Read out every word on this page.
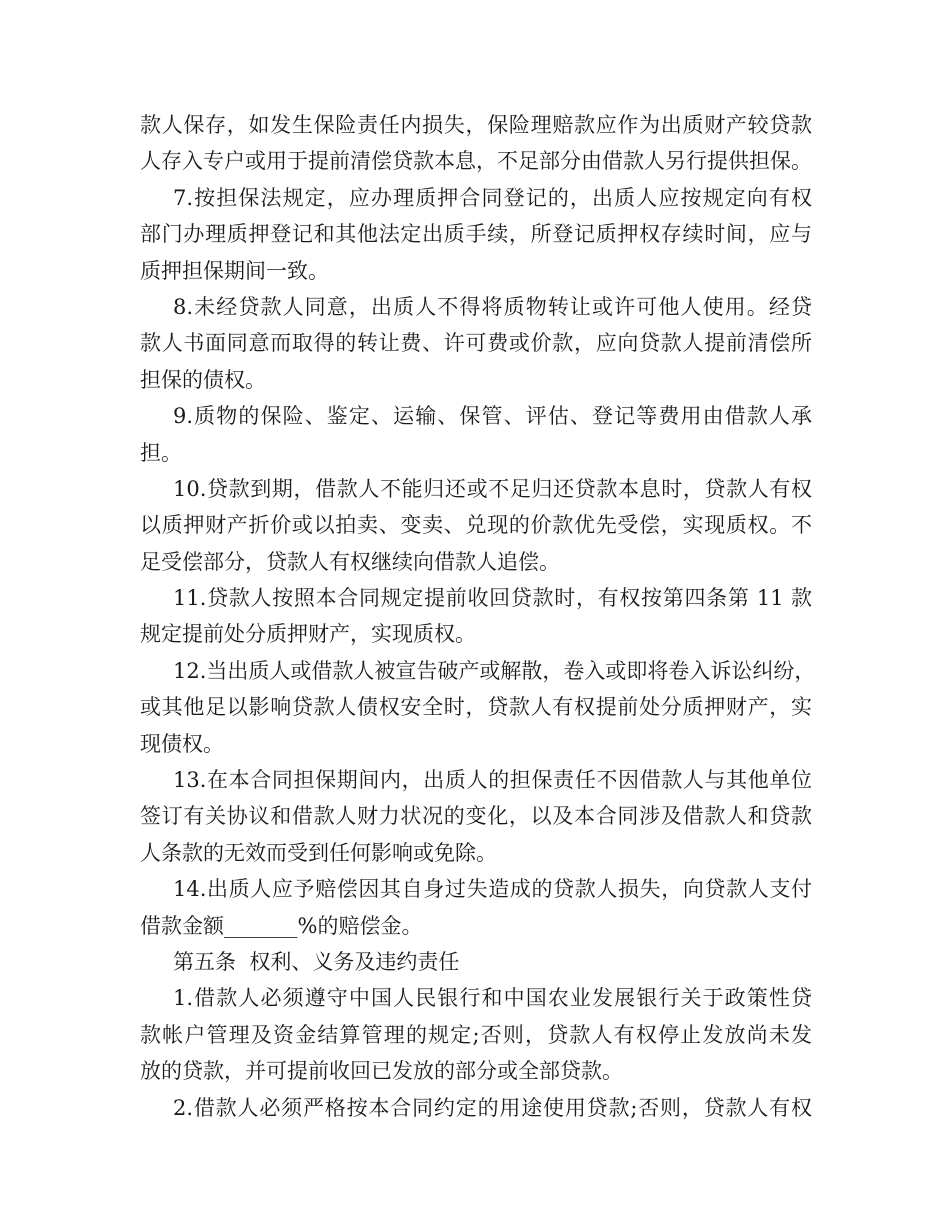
款人保存，如发生保险责任内损失，保险理赔款应作为出质财产较贷款
人存入专户或用于提前清偿贷款本息，不足部分由借款人另行提供担保。
7.按担保法规定，应办理质押合同登记的，出质人应按规定向有权
部门办理质押登记和其他法定出质手续，所登记质押权存续时间，应与
质押担保期间一致。
8.未经贷款人同意，出质人不得将质物转让或许可他人使用。经贷
款人书面同意而取得的转让费、许可费或价款，应向贷款人提前清偿所
担保的债权。
9.质物的保险、鉴定、运输、保管、评估、登记等费用由借款人承
担。
10.贷款到期，借款人不能归还或不足归还贷款本息时，贷款人有权
以质押财产折价或以拍卖、变卖、兑现的价款优先受偿，实现质权。不
足受偿部分，贷款人有权继续向借款人追偿。
11.贷款人按照本合同规定提前收回贷款时，有权按第四条第 11 款
规定提前处分质押财产，实现质权。
12.当出质人或借款人被宣告破产或解散，卷入或即将卷入诉讼纠纷，
或其他足以影响贷款人债权安全时，贷款人有权提前处分质押财产，实
现债权。
13.在本合同担保期间内，出质人的担保责任不因借款人与其他单位
签订有关协议和借款人财力状况的变化，以及本合同涉及借款人和贷款
人条款的无效而受到任何影响或免除。
14.出质人应予赔偿因其自身过失造成的贷款人损失，向贷款人支付
借款金额_______%的赔偿金。
第五条  权利、义务及违约责任
1.借款人必须遵守中国人民银行和中国农业发展银行关于政策性贷
款帐户管理及资金结算管理的规定;否则，贷款人有权停止发放尚未发
放的贷款，并可提前收回已发放的部分或全部贷款。
2.借款人必须严格按本合同约定的用途使用贷款;否则，贷款人有权
